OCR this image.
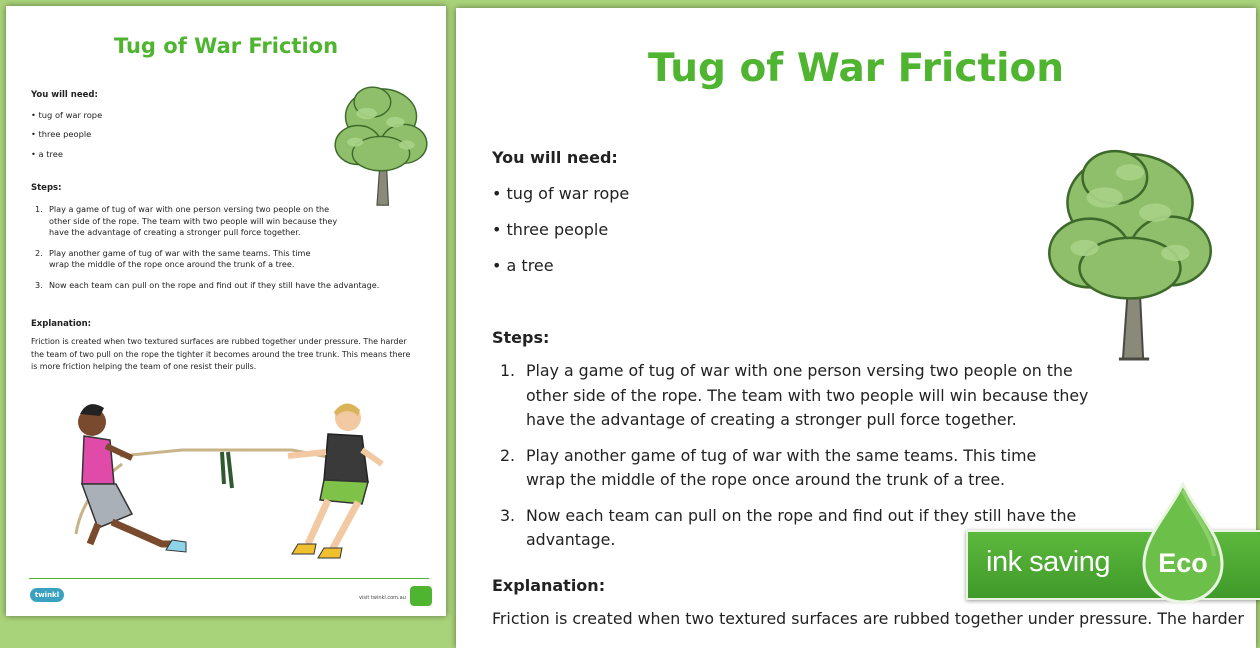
Tug of War Friction
You will need:
• tug of war rope
• three people
• a tree
Steps:
1. Play a game of tug of war with one person versing two people on the
other side of the rope. The team with two people will win because they
have the advantage of creating a stronger pull force together.
2. Play another game of tug of war with the same teams. This time
wrap the middle of the rope once around the trunk of a tree.
3. Now each team can pull on the rope and find out if they still have the advantage.
Explanation:
Friction is created when two textured surfaces are rubbed together under pressure. The harder
the team of two pull on the rope the tighter it becomes around the tree trunk. This means there
is more friction helping the team of one resist their pulls.
twinkl	visit twinkl.com.au
Tug of War Friction
You will need:
• tug of war rope
• three people
• a tree
Steps:
1. Play a game of tug of war with one person versing two people on the
other side of the rope. The team with two people will win because they
have the advantage of creating a stronger pull force together.
2. Play another game of tug of war with the same teams. This time
wrap the middle of the rope once around the trunk of a tree.
3. Now each team can pull on the rope and find out if they still have the advantage.
Explanation:
Friction is created when two textured surfaces are rubbed together under pressure. The harder
ink saving	Eco
